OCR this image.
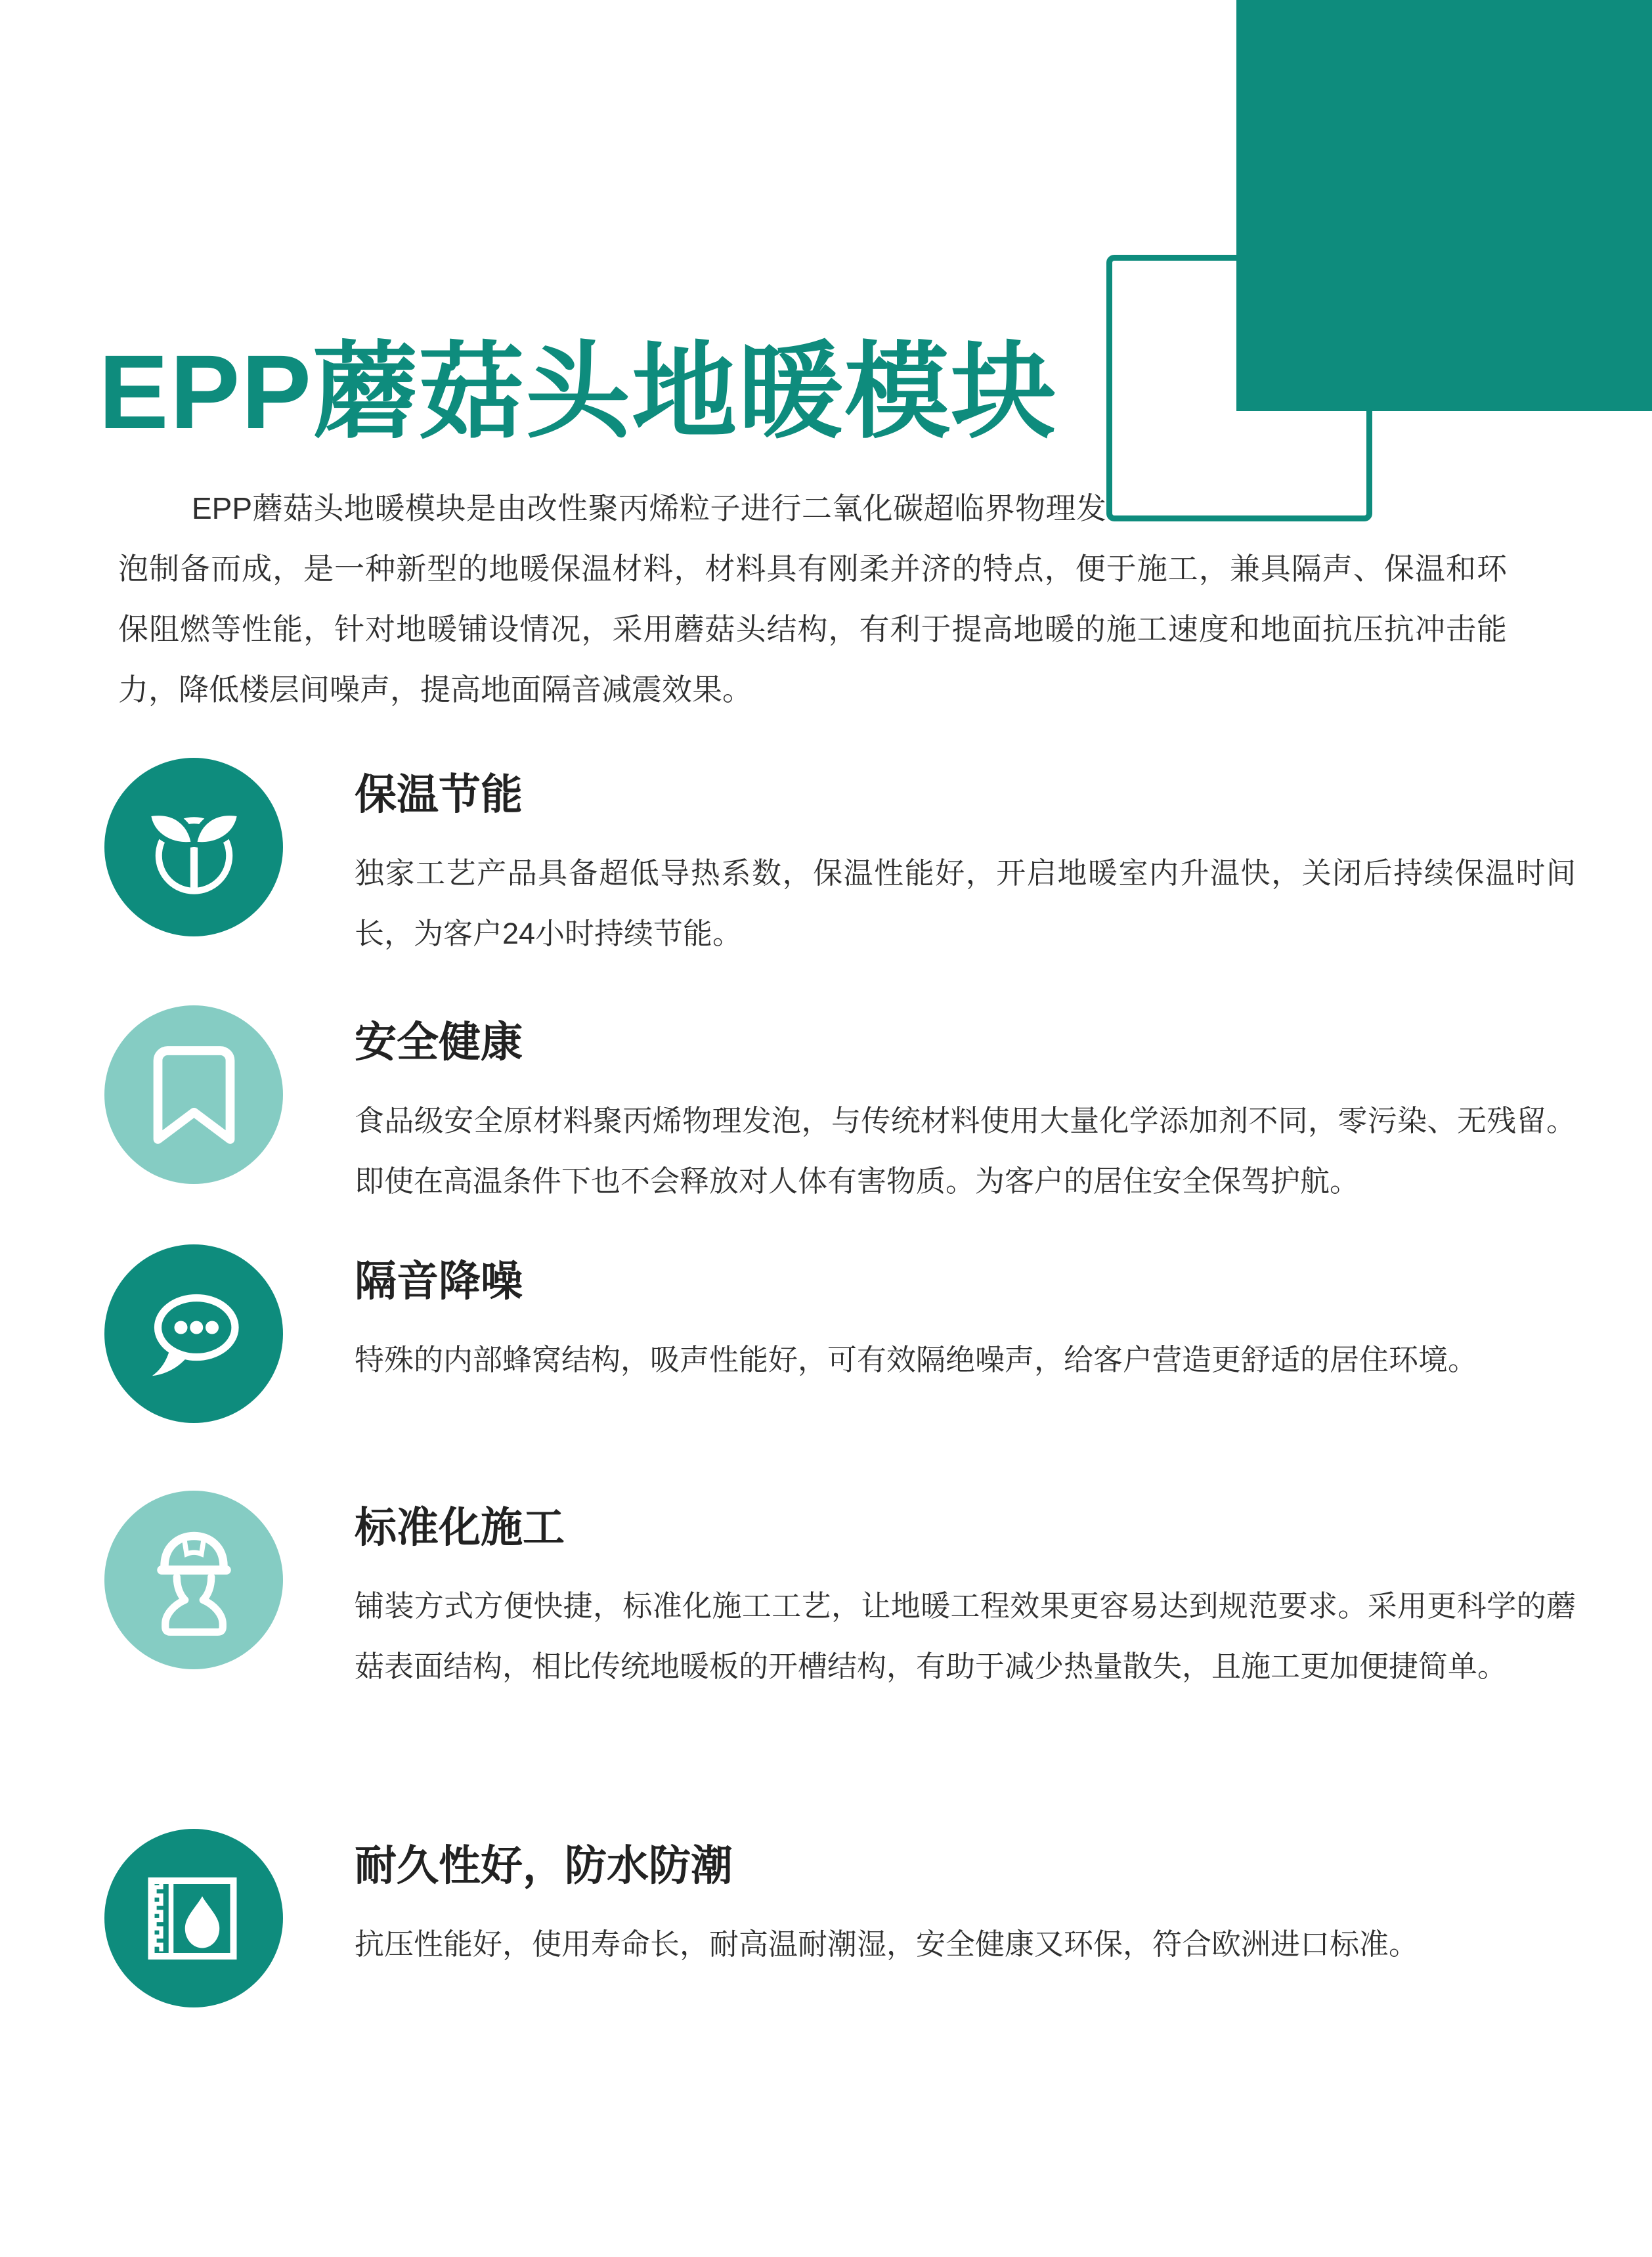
EPP蘑菇头地暖模块

EPP蘑菇头地暖模块是由改性聚丙烯粒子进行二氧化碳超临界物理发泡制备而成，是一种新型的地暖保温材料，材料具有刚柔并济的特点，便于施工，兼具隔声、保温和环保阻燃等性能，针对地暖铺设情况，采用蘑菇头结构，有利于提高地暖的施工速度和地面抗压抗冲击能力，降低楼层间噪声，提高地面隔音减震效果。

保温节能

独家工艺产品具备超低导热系数，保温性能好，开启地暖室内升温快，关闭后持续保温时间长，为客户24小时持续节能。

安全健康

食品级安全原材料聚丙烯物理发泡，与传统材料使用大量化学添加剂不同，零污染、无残留。即使在高温条件下也不会释放对人体有害物质。为客户的居住安全保驾护航。

隔音降噪

特殊的内部蜂窝结构，吸声性能好，可有效隔绝噪声，给客户营造更舒适的居住环境。

标准化施工

铺装方式方便快捷，标准化施工工艺，让地暖工程效果更容易达到规范要求。采用更科学的蘑菇表面结构，相比传统地暖板的开槽结构，有助于减少热量散失，且施工更加便捷简单。

耐久性好，防水防潮

抗压性能好，使用寿命长，耐高温耐潮湿，安全健康又环保，符合欧洲进口标准。
